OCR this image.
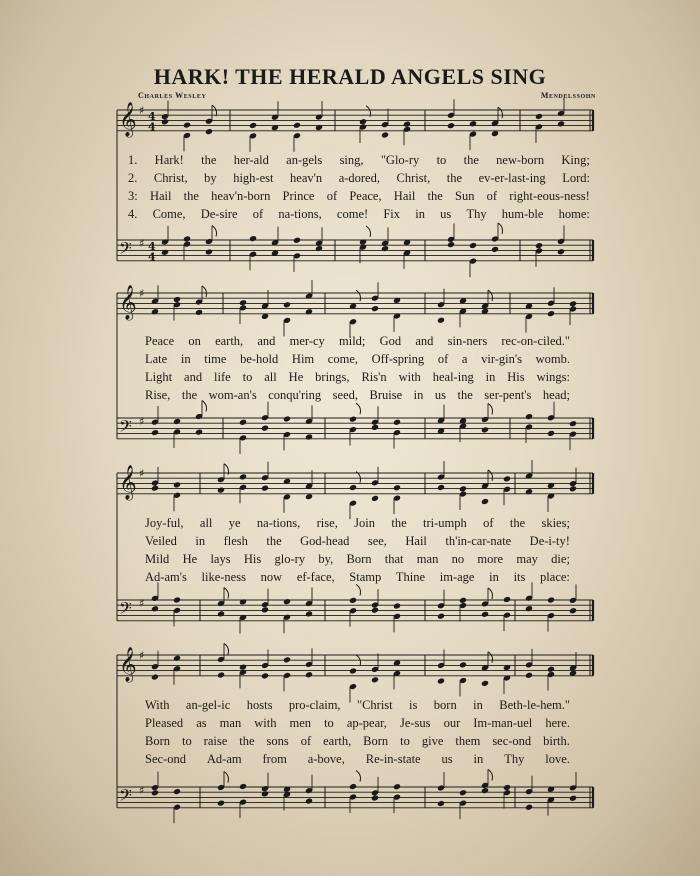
HARK! THE HERALD ANGELS SING
Charles Wesley	Mendelssohn
𝄞 ♯ 4
4
𝄢 ♯ 4
4
1. Hark! the her-ald an-gels sing, "Glo-ry to the new-born King;
2. Christ, by high-est heav'n a-dored, Christ, the ev-er-last-ing Lord:
3: Hail the heav'n-born Prince of Peace, Hail the Sun of right-eous-ness!
4. Come, De-sire of na-tions, come! Fix in us Thy hum-ble home:
𝄞 ♯
𝄢 ♯
Peace on earth, and mer-cy mild; God and sin-ners rec-on-ciled."
Late in time be-hold Him come, Off-spring of a vir-gin's womb.
Light and life to all He brings, Ris'n with heal-ing in His wings:
Rise, the wom-an's conqu'ring seed, Bruise in us the ser-pent's head;
𝄞 ♯
𝄢 ♯
Joy-ful, all ye na-tions, rise, Join the tri-umph of the skies;
Veiled in flesh the God-head see, Hail th'in-car-nate De-i-ty!
Mild He lays His glo-ry by, Born that man no more may die;
Ad-am's like-ness now ef-face, Stamp Thine im-age in its place:
𝄞 ♯
𝄢 ♯
With an-gel-ic hosts pro-claim, "Christ is born in Beth-le-hem."
Pleased as man with men to ap-pear, Je-sus our Im-man-uel here.
Born to raise the sons of earth, Born to give them sec-ond birth.
Sec-ond Ad-am from a-bove, Re-in-state us in Thy love.
